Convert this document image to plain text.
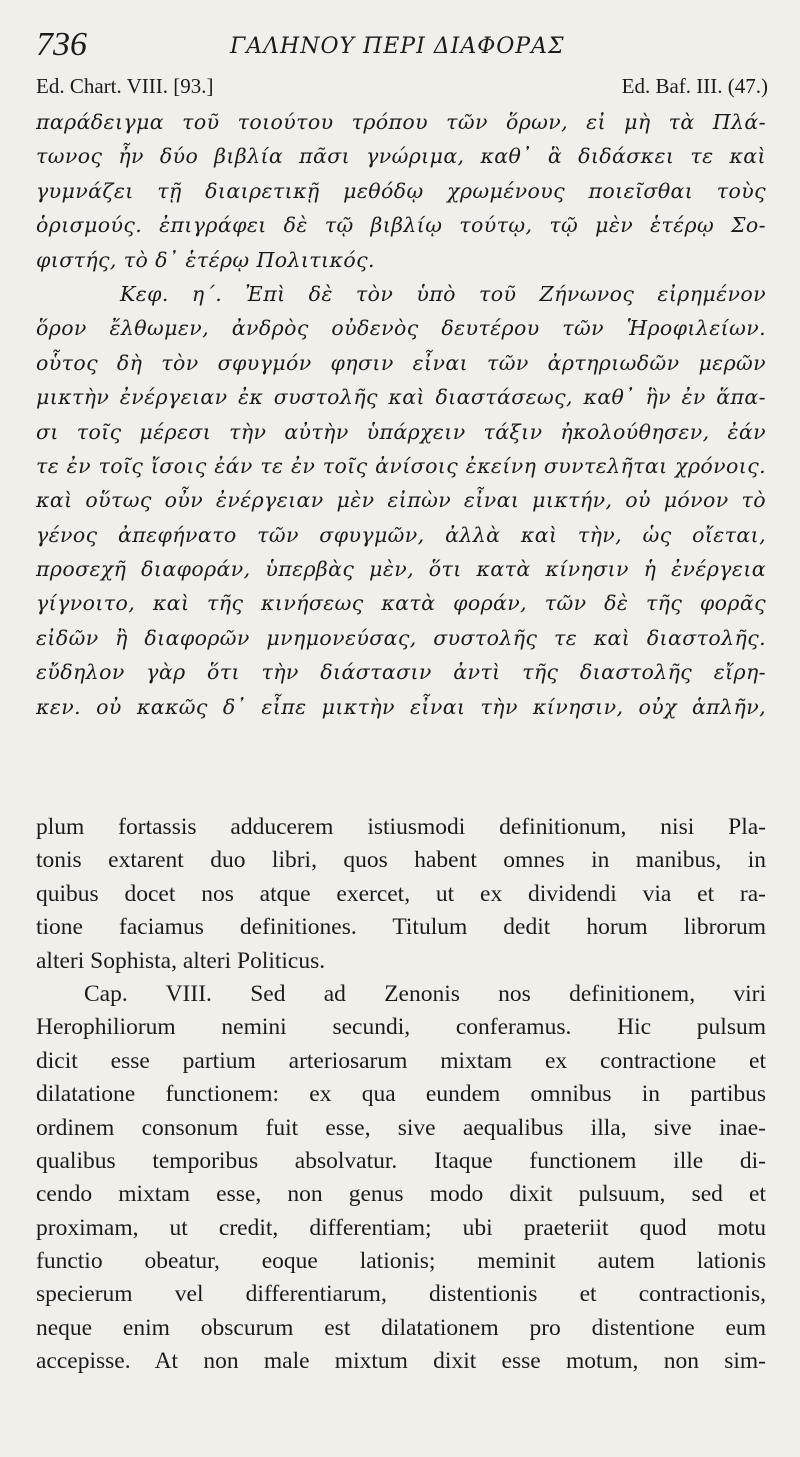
736	ΓΑΛΗΝΟΥ ΠΕΡΙ ΔΙΑΦΟΡΑΣ
Ed. Chart. VIII. [93.]	Ed. Baf. III. (47.)
παράδειγμα τοῦ τοιούτου τρόπου τῶν ὅρων, εἰ μὴ τὰ Πλά-
τωνος ἦν δύο βιβλία πᾶσι γνώριμα, καθ᾽ ἃ διδάσκει τε καὶ
γυμνάζει τῇ διαιρετικῇ μεθόδῳ χρωμένους ποιεῖσθαι τοὺς
ὁρισμούς. ἐπιγράφει δὲ τῷ βιβλίῳ τούτῳ, τῷ μὲν ἑτέρῳ Σο-
φιστής, τὸ δ᾽ ἑτέρῳ Πολιτικός.
Κεφ. η΄. Ἐπὶ δὲ τὸν ὑπὸ τοῦ Ζήνωνος εἰρημένον
ὅρον ἔλθωμεν, ἀνδρὸς οὐδενὸς δευτέρου τῶν Ἡροφιλείων.
οὗτος δὴ τὸν σφυγμόν φησιν εἶναι τῶν ἀρτηριωδῶν μερῶν
μικτὴν ἐνέργειαν ἐκ συστολῆς καὶ διαστάσεως, καθ᾽ ἣν ἐν ἅπα-
σι τοῖς μέρεσι τὴν αὐτὴν ὑπάρχειν τάξιν ἠκολούθησεν, ἐάν
τε ἐν τοῖς ἴσοις ἐάν τε ἐν τοῖς ἀνίσοις ἐκείνη συντελῆται χρόνοις.
καὶ οὕτως οὖν ἐνέργειαν μὲν εἰπὼν εἶναι μικτήν, οὐ μόνον τὸ
γένος ἀπεφήνατο τῶν σφυγμῶν, ἀλλὰ καὶ τὴν, ὡς οἴεται,
προσεχῆ διαφοράν, ὑπερβὰς μὲν, ὅτι κατὰ κίνησιν ἡ ἐνέργεια
γίγνοιτο, καὶ τῆς κινήσεως κατὰ φοράν, τῶν δὲ τῆς φορᾶς
εἰδῶν ἢ διαφορῶν μνημονεύσας, συστολῆς τε καὶ διαστολῆς.
εὔδηλον γὰρ ὅτι τὴν διάστασιν ἀντὶ τῆς διαστολῆς εἴρη-
κεν. οὐ κακῶς δ᾽ εἶπε μικτὴν εἶναι τὴν κίνησιν, οὐχ ἁπλῆν,
plum fortassis adducerem istiusmodi definitionum, nisi Pla-
tonis extarent duo libri, quos habent omnes in manibus, in
quibus docet nos atque exercet, ut ex dividendi via et ra-
tione faciamus definitiones. Titulum dedit horum librorum
alteri Sophista, alteri Politicus.
Cap. VIII. Sed ad Zenonis nos definitionem, viri
Herophiliorum nemini secundi, conferamus. Hic pulsum
dicit esse partium arteriosarum mixtam ex contractione et
dilatatione functionem: ex qua eundem omnibus in partibus
ordinem consonum fuit esse, sive aequalibus illa, sive inae-
qualibus temporibus absolvatur. Itaque functionem ille di-
cendo mixtam esse, non genus modo dixit pulsuum, sed et
proximam, ut credit, differentiam; ubi praeteriit quod motu
functio obeatur, eoque lationis; meminit autem lationis
specierum vel differentiarum, distentionis et contractionis,
neque enim obscurum est dilatationem pro distentione eum
accepisse. At non male mixtum dixit esse motum, non sim-
